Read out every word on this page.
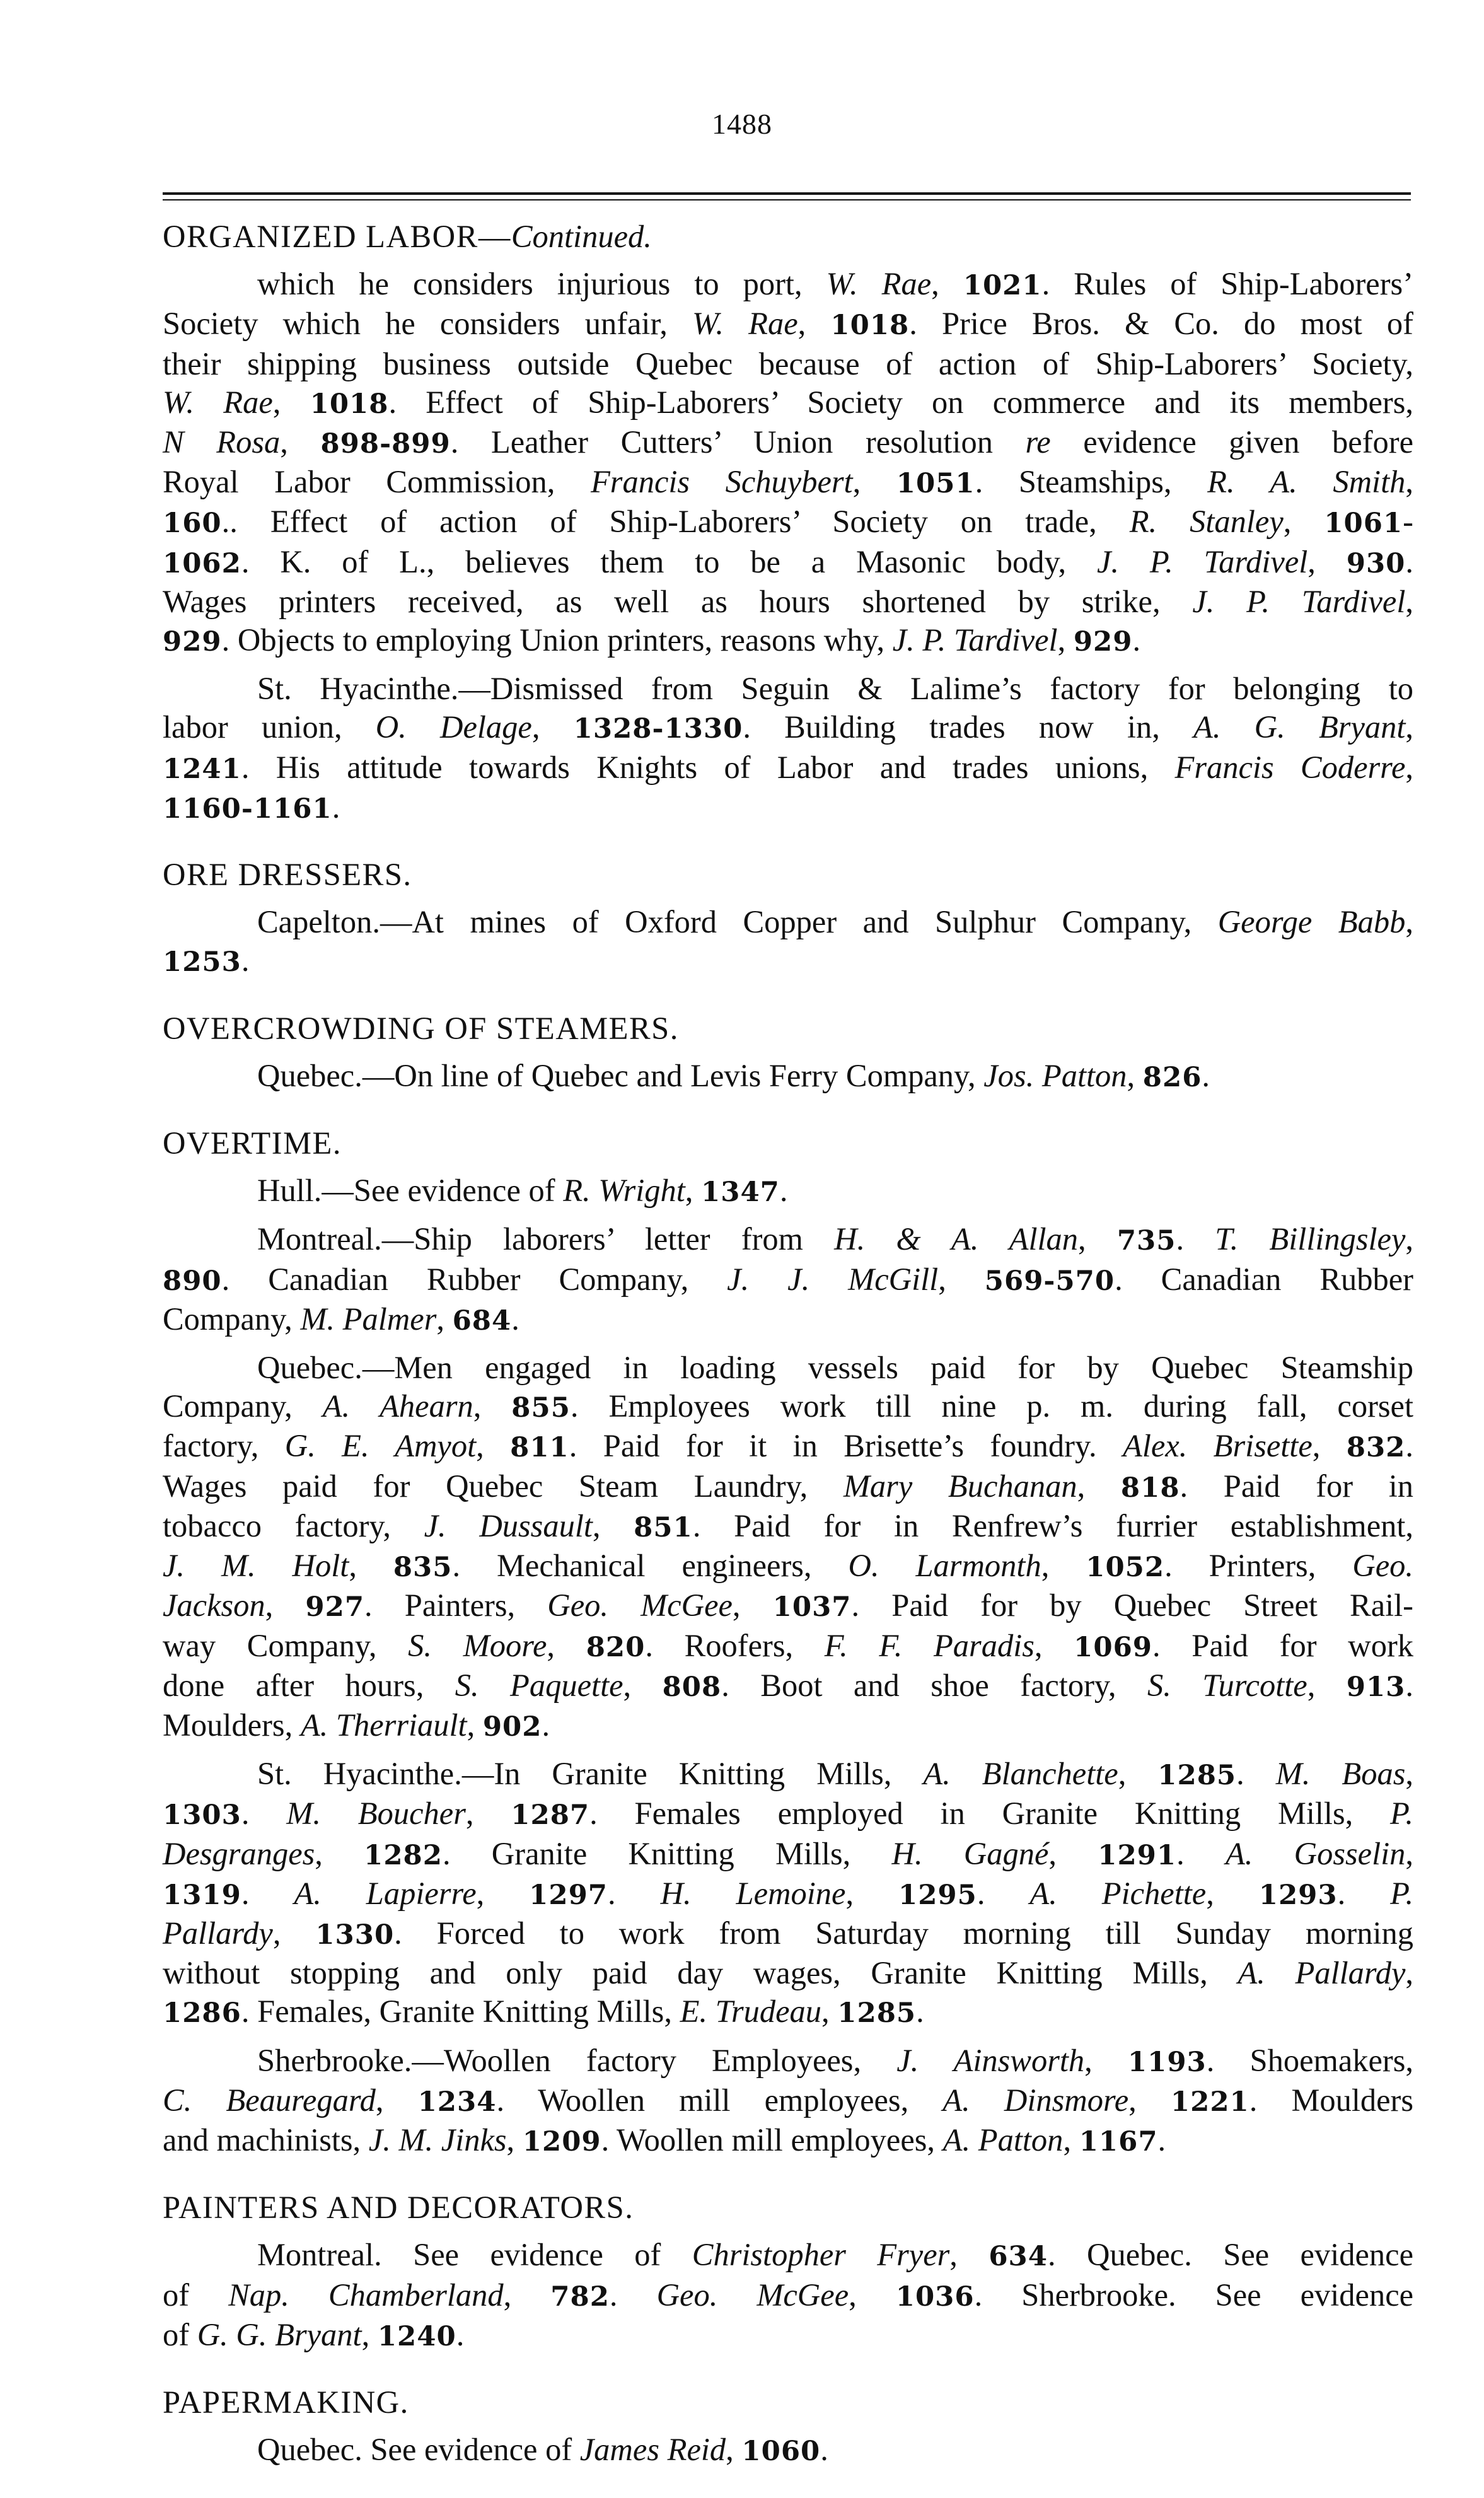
1488
ORGANIZED LABOR—Continued.
which he considers injurious to port, W. Rae, 1021. Rules of Ship-Laborers’
Society which he considers unfair, W. Rae, 1018. Price Bros. & Co. do most of
their shipping business outside Quebec because of action of Ship-Laborers’ Society,
W. Rae, 1018. Effect of Ship-Laborers’ Society on commerce and its members,
N Rosa, 898-899. Leather Cutters’ Union resolution re evidence given before
Royal Labor Commission, Francis Schuybert, 1051. Steamships, R. A. Smith,
160.. Effect of action of Ship-Laborers’ Society on trade, R. Stanley, 1061-
1062. K. of L., believes them to be a Masonic body, J. P. Tardivel, 930.
Wages printers received, as well as hours shortened by strike, J. P. Tardivel,
929. Objects to employing Union printers, reasons why, J. P. Tardivel, 929.
St. Hyacinthe.—Dismissed from Seguin & Lalime’s factory for belonging to
labor union, O. Delage, 1328-1330. Building trades now in, A. G. Bryant,
1241. His attitude towards Knights of Labor and trades unions, Francis Coderre,
1160-1161.
ORE DRESSERS.
Capelton.—At mines of Oxford Copper and Sulphur Company, George Babb,
1253.
OVERCROWDING OF STEAMERS.
Quebec.—On line of Quebec and Levis Ferry Company, Jos. Patton, 826.
OVERTIME.
Hull.—See evidence of R. Wright, 1347.
Montreal.—Ship laborers’ letter from H. & A. Allan, 735. T. Billingsley,
890. Canadian Rubber Company, J. J. McGill, 569-570. Canadian Rubber
Company, M. Palmer, 684.
Quebec.—Men engaged in loading vessels paid for by Quebec Steamship
Company, A. Ahearn, 855. Employees work till nine p. m. during fall, corset
factory, G. E. Amyot, 811. Paid for it in Brisette’s foundry. Alex. Brisette, 832.
Wages paid for Quebec Steam Laundry, Mary Buchanan, 818. Paid for in
tobacco factory, J. Dussault, 851. Paid for in Renfrew’s furrier establishment,
J. M. Holt, 835. Mechanical engineers, O. Larmonth, 1052. Printers, Geo.
Jackson, 927. Painters, Geo. McGee, 1037. Paid for by Quebec Street Rail-
way Company, S. Moore, 820. Roofers, F. F. Paradis, 1069. Paid for work
done after hours, S. Paquette, 808. Boot and shoe factory, S. Turcotte, 913.
Moulders, A. Therriault, 902.
St. Hyacinthe.—In Granite Knitting Mills, A. Blanchette, 1285. M. Boas,
1303. M. Boucher, 1287. Females employed in Granite Knitting Mills, P.
Desgranges, 1282. Granite Knitting Mills, H. Gagné, 1291. A. Gosselin,
1319. A. Lapierre, 1297. H. Lemoine, 1295. A. Pichette, 1293. P.
Pallardy, 1330. Forced to work from Saturday morning till Sunday morning
without stopping and only paid day wages, Granite Knitting Mills, A. Pallardy,
1286. Females, Granite Knitting Mills, E. Trudeau, 1285.
Sherbrooke.—Woollen factory Employees, J. Ainsworth, 1193. Shoemakers,
C. Beauregard, 1234. Woollen mill employees, A. Dinsmore, 1221. Moulders
and machinists, J. M. Jinks, 1209. Woollen mill employees, A. Patton, 1167.
PAINTERS AND DECORATORS.
Montreal. See evidence of Christopher Fryer, 634. Quebec. See evidence
of Nap. Chamberland, 782. Geo. McGee, 1036. Sherbrooke. See evidence
of G. G. Bryant, 1240.
PAPERMAKING.
Quebec. See evidence of James Reid, 1060.
